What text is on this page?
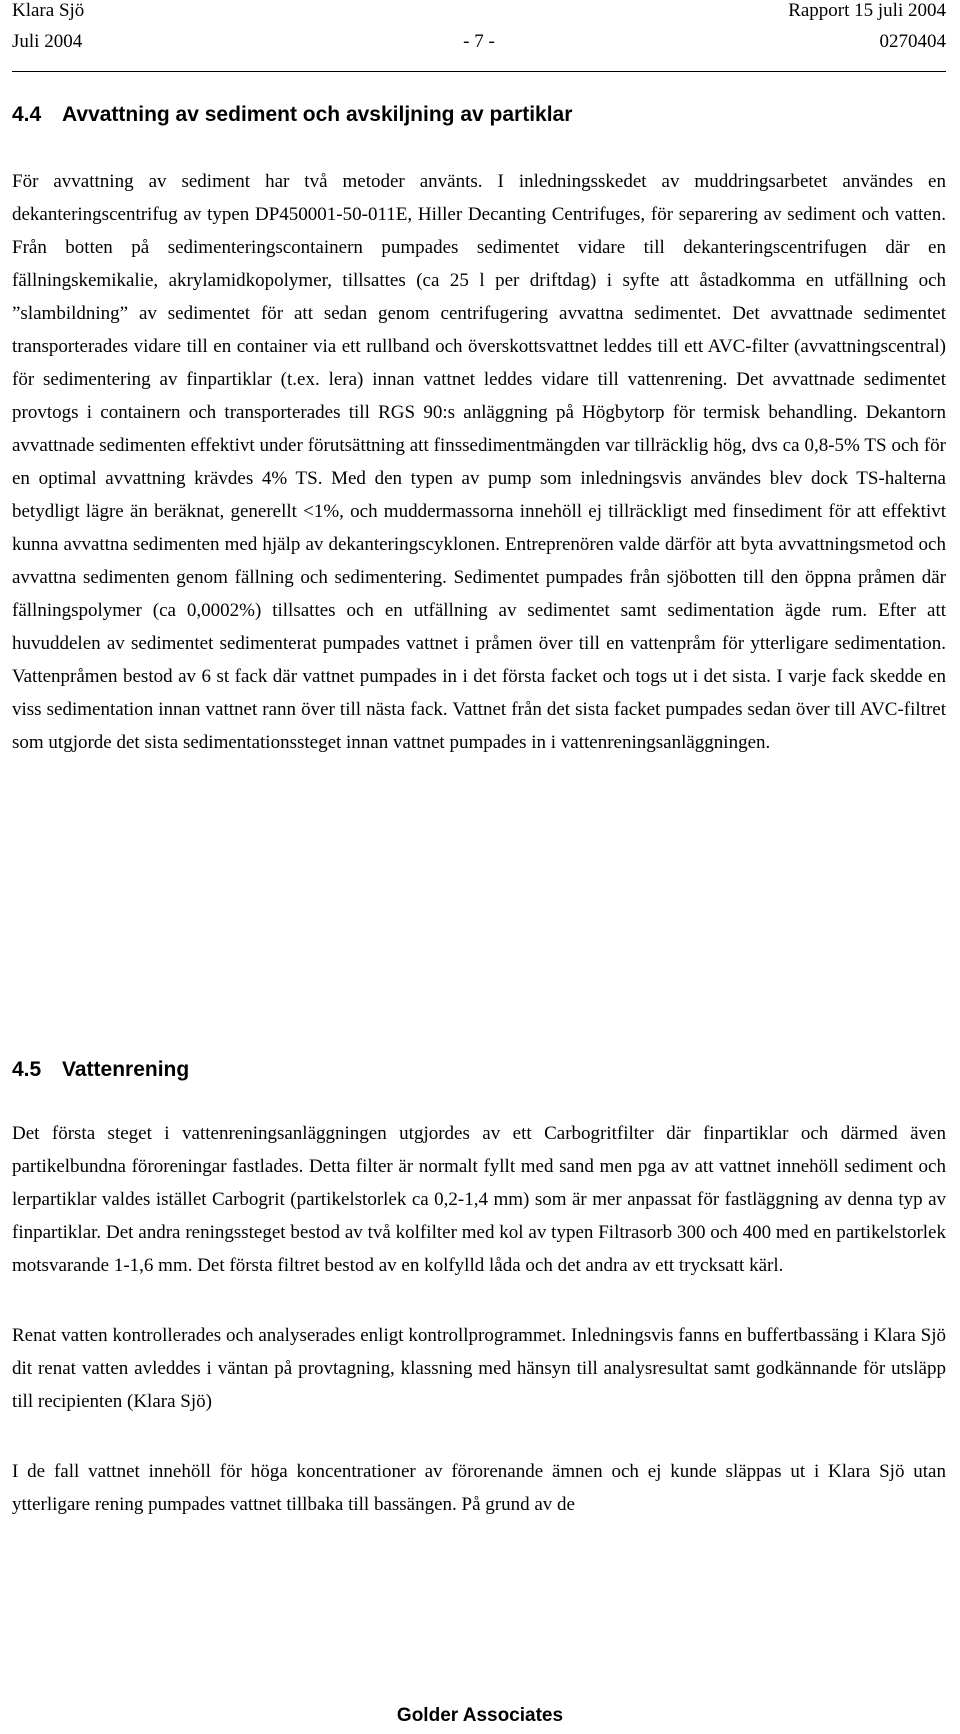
Klara Sjö	Rapport 15 juli 2004
Juli 2004	- 7 -	0270404
4.4 Avvattning av sediment och avskiljning av partiklar

För avvattning av sediment har två metoder använts. I inledningsskedet av muddringsarbetet användes en dekanteringscentrifug av typen DP450001-50-011E, Hiller Decanting Centrifuges, för separering av sediment och vatten. Från botten på sedimenteringscontainern pumpades sedimentet vidare till dekanteringscentrifugen där en fällningskemikalie, akrylamidkopolymer, tillsattes (ca 25 l per driftdag) i syfte att åstadkomma en utfällning och ”slambildning” av sedimentet för att sedan genom centrifugering avvattna sedimentet. Det avvattnade sedimentet transporterades vidare till en container via ett rullband och överskottsvattnet leddes till ett AVC-filter (avvattningscentral) för sedimentering av finpartiklar (t.ex. lera) innan vattnet leddes vidare till vattenrening. Det avvattnade sedimentet provtogs i containern och transporterades till RGS 90:s anläggning på Högbytorp för termisk behandling. Dekantorn avvattnade sedimenten effektivt under förutsättning att finssedimentmängden var tillräcklig hög, dvs ca 0,8-5% TS och för en optimal avvattning krävdes 4% TS. Med den typen av pump som inledningsvis användes blev dock TS-halterna betydligt lägre än beräknat, generellt <1%, och muddermassorna innehöll ej tillräckligt med finsediment för att effektivt kunna avvattna sedimenten med hjälp av dekanteringscyklonen. Entreprenören valde därför att byta avvattningsmetod och avvattna sedimenten genom fällning och sedimentering. Sedimentet pumpades från sjöbotten till den öppna pråmen där fällningspolymer (ca 0,0002%) tillsattes och en utfällning av sedimentet samt sedimentation ägde rum. Efter att huvuddelen av sedimentet sedimenterat pumpades vattnet i pråmen över till en vattenpråm för ytterligare sedimentation. Vattenpråmen bestod av 6 st fack där vattnet pumpades in i det första facket och togs ut i det sista. I varje fack skedde en viss sedimentation innan vattnet rann över till nästa fack. Vattnet från det sista facket pumpades sedan över till AVC-filtret som utgjorde det sista sedimentationssteget innan vattnet pumpades in i vattenreningsanläggningen.

4.5 Vattenrening

Det första steget i vattenreningsanläggningen utgjordes av ett Carbogritfilter där finpartiklar och därmed även partikelbundna föroreningar fastlades. Detta filter är normalt fyllt med sand men pga av att vattnet innehöll sediment och lerpartiklar valdes istället Carbogrit (partikelstorlek ca 0,2-1,4 mm) som är mer anpassat för fastläggning av denna typ av finpartiklar. Det andra reningssteget bestod av två kolfilter med kol av typen Filtrasorb 300 och 400 med en partikelstorlek motsvarande 1-1,6 mm. Det första filtret bestod av en kolfylld låda och det andra av ett trycksatt kärl.

Renat vatten kontrollerades och analyserades enligt kontrollprogrammet. Inledningsvis fanns en buffertbassäng i Klara Sjö dit renat vatten avleddes i väntan på provtagning, klassning med hänsyn till analysresultat samt godkännande för utsläpp till recipienten (Klara Sjö)

I de fall vattnet innehöll för höga koncentrationer av förorenande ämnen och ej kunde släppas ut i Klara Sjö utan ytterligare rening pumpades vattnet tillbaka till bassängen. På grund av de

Golder Associates
